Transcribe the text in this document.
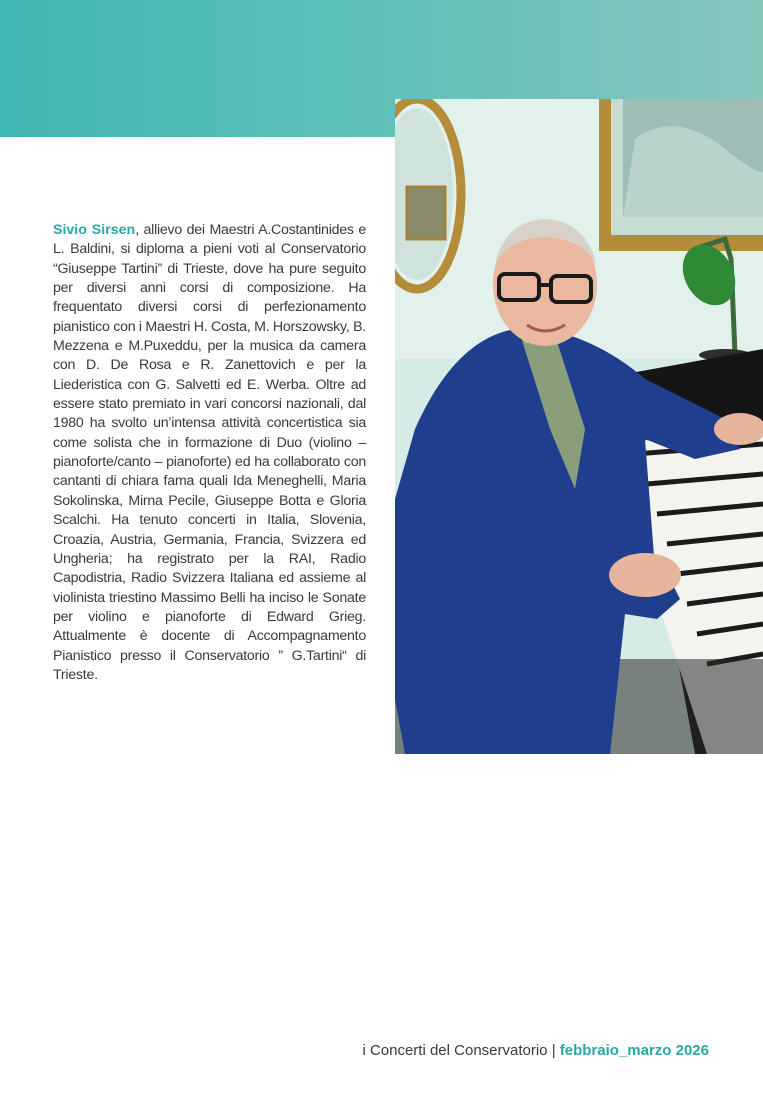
Sivio Sirsen, allievo dei Maestri A.Costantinides e L. Baldini, si diploma a pieni voti al Conservatorio “Giuseppe Tartini” di Trieste, dove ha pure seguito per diversi anni corsi di composizione. Ha frequentato diversi corsi di perfezionamento pianistico con i Maestri H. Costa, M. Horszowsky, B. Mezzena e M.Puxeddu, per la musica da camera con D. De Rosa e R. Zanettovich e per la Liederistica con G. Salvetti ed E. Werba. Oltre ad essere stato premiato in vari concorsi nazionali, dal 1980 ha svolto un’intensa attività concertistica sia come solista che in formazione di Duo (violino – pianoforte/canto – pianoforte) ed ha collaborato con cantanti di chiara fama quali Ida Meneghelli, Maria Sokolinska, Mirna Pecile, Giuseppe Botta e Gloria Scalchi. Ha tenuto concerti in Italia, Slovenia, Croazia, Austria, Germania, Francia, Svizzera ed Ungheria; ha registrato per la RAI, Radio Capodistria, Radio Svizzera Italiana ed assieme al violinista triestino Massimo Belli ha inciso le Sonate per violino e pianoforte di Edward Grieg. Attualmente è docente di Accompagnamento Pianistico presso il Conservatorio ” G.Tartini“ di Trieste.

i Concerti del Conservatorio | febbraio_marzo 2026
